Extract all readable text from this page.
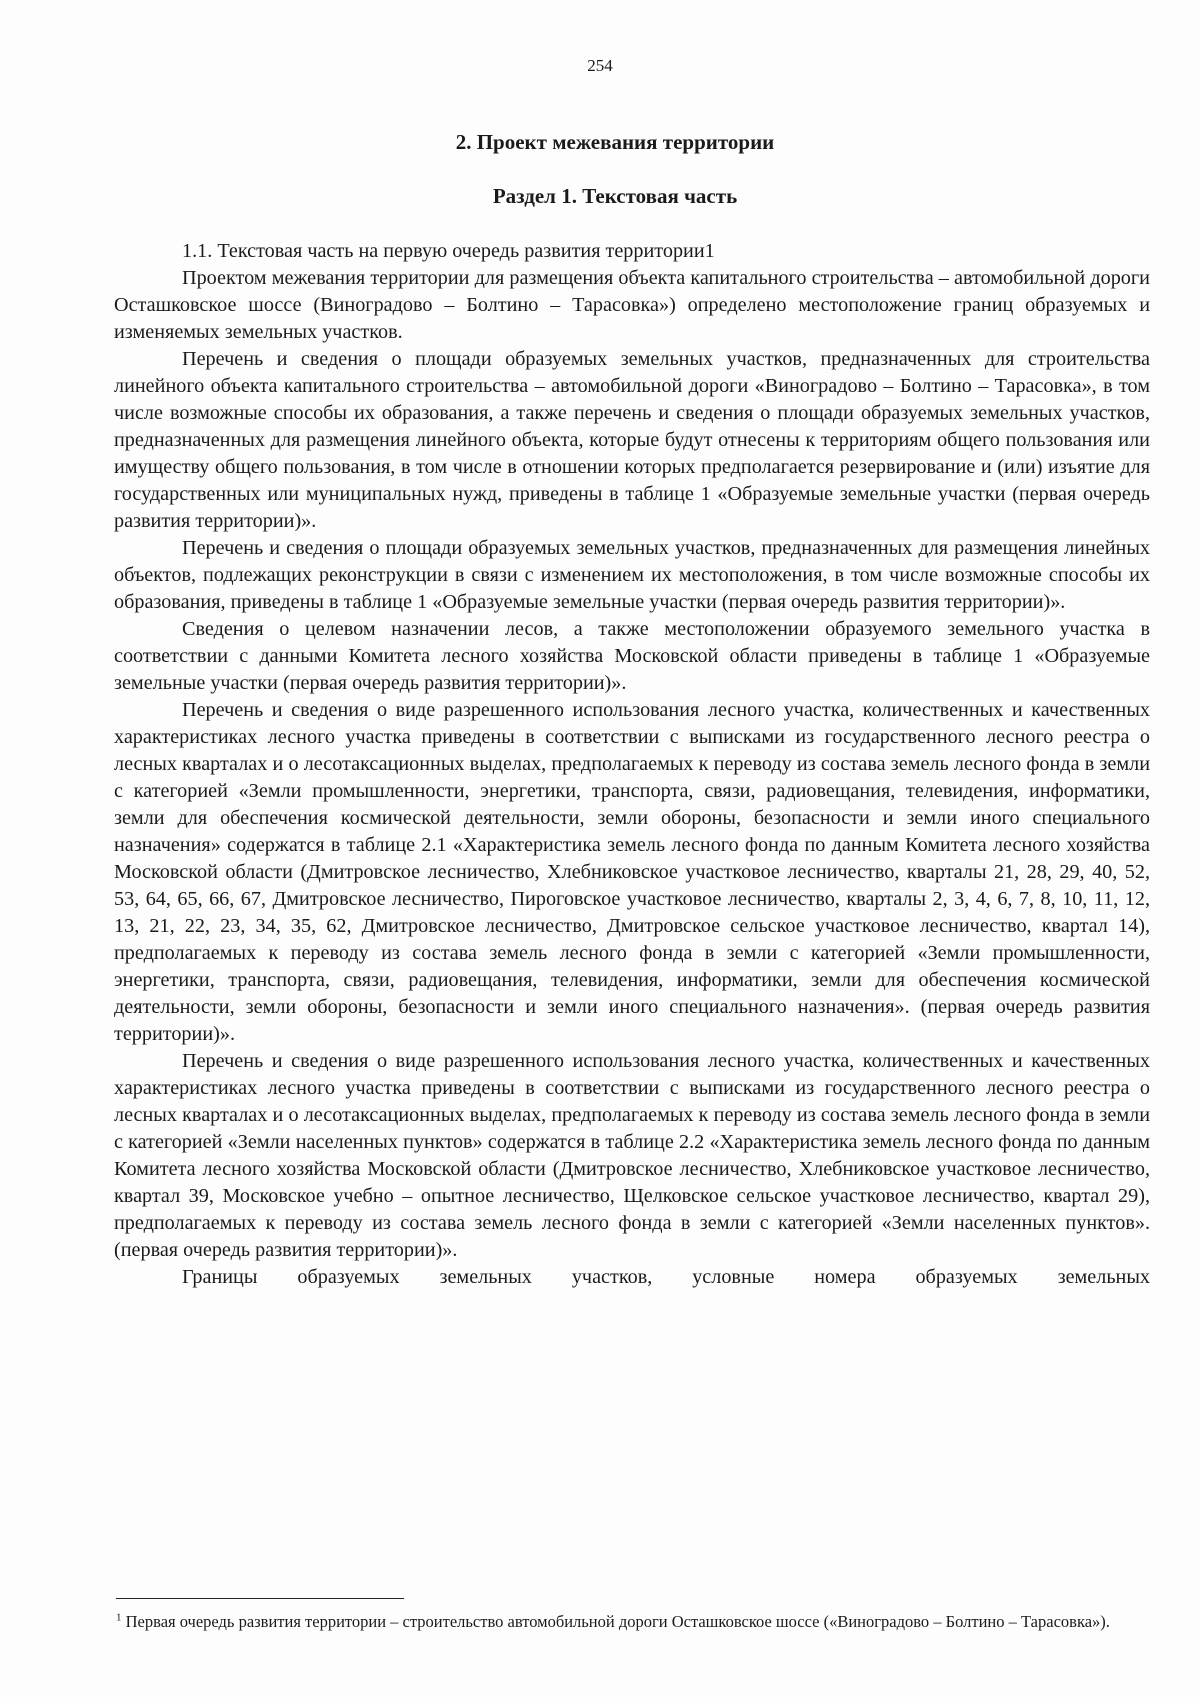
254
2. Проект межевания территории
Раздел 1. Текстовая часть

1.1. Текстовая часть на первую очередь развития территории1

Проектом межевания территории для размещения объекта капитального строительства – автомобильной дороги Осташковское шоссе (Виноградово – Болтино – Тарасовка») определено местоположение границ образуемых и изменяемых земельных участков.

Перечень и сведения о площади образуемых земельных участков, предназначенных для строительства линейного объекта капитального строительства – автомобильной дороги «Виноградово – Болтино – Тарасовка», в том числе возможные способы их образования, а также перечень и сведения о площади образуемых земельных участков, предназначенных для размещения линейного объекта, которые будут отнесены к территориям общего пользования или имуществу общего пользования, в том числе в отношении которых предполагается резервирование и (или) изъятие для государственных или муниципальных нужд, приведены в таблице 1 «Образуемые земельные участки (первая очередь развития территории)».

Перечень и сведения о площади образуемых земельных участков, предназначенных для размещения линейных объектов, подлежащих реконструкции в связи с изменением их местоположения, в том числе возможные способы их образования, приведены в таблице 1 «Образуемые земельные участки (первая очередь развития территории)».

Сведения о целевом назначении лесов, а также местоположении образуемого земельного участка в соответствии с данными Комитета лесного хозяйства Московской области приведены в таблице 1 «Образуемые земельные участки (первая очередь развития территории)».

Перечень и сведения о виде разрешенного использования лесного участка, количественных и качественных характеристиках лесного участка приведены в соответствии с выписками из государственного лесного реестра о лесных кварталах и о лесотаксационных выделах, предполагаемых к переводу из состава земель лесного фонда в земли с категорией «Земли промышленности, энергетики, транспорта, связи, радиовещания, телевидения, информатики, земли для обеспечения космической деятельности, земли обороны, безопасности и земли иного специального назначения» содержатся в таблице 2.1 «Характеристика земель лесного фонда по данным Комитета лесного хозяйства Московской области (Дмитровское лесничество, Хлебниковское участковое лесничество, кварталы 21, 28, 29, 40, 52, 53, 64, 65, 66, 67, Дмитровское лесничество, Пироговское участковое лесничество, кварталы 2, 3, 4, 6, 7, 8, 10, 11, 12, 13, 21, 22, 23, 34, 35, 62, Дмитровское лесничество, Дмитровское сельское участковое лесничество, квартал 14), предполагаемых к переводу из состава земель лесного фонда в земли с категорией «Земли промышленности, энергетики, транспорта, связи, радиовещания, телевидения, информатики, земли для обеспечения космической деятельности, земли обороны, безопасности и земли иного специального назначения». (первая очередь развития территории)».

Перечень и сведения о виде разрешенного использования лесного участка, количественных и качественных характеристиках лесного участка приведены в соответствии с выписками из государственного лесного реестра о лесных кварталах и о лесотаксационных выделах, предполагаемых к переводу из состава земель лесного фонда в земли с категорией «Земли населенных пунктов» содержатся в таблице 2.2 «Характеристика земель лесного фонда по данным Комитета лесного хозяйства Московской области (Дмитровское лесничество, Хлебниковское участковое лесничество, квартал 39, Московское учебно – опытное лесничество, Щелковское сельское участковое лесничество, квартал 29), предполагаемых к переводу из состава земель лесного фонда в земли с категорией «Земли населенных пунктов». (первая очередь развития территории)».

Границы образуемых земельных участков, условные номера образуемых земельных

$^1$ Первая очередь развития территории – строительство автомобильной дороги Осташковское шоссе («Виноградово – Болтино – Тарасовка»).
